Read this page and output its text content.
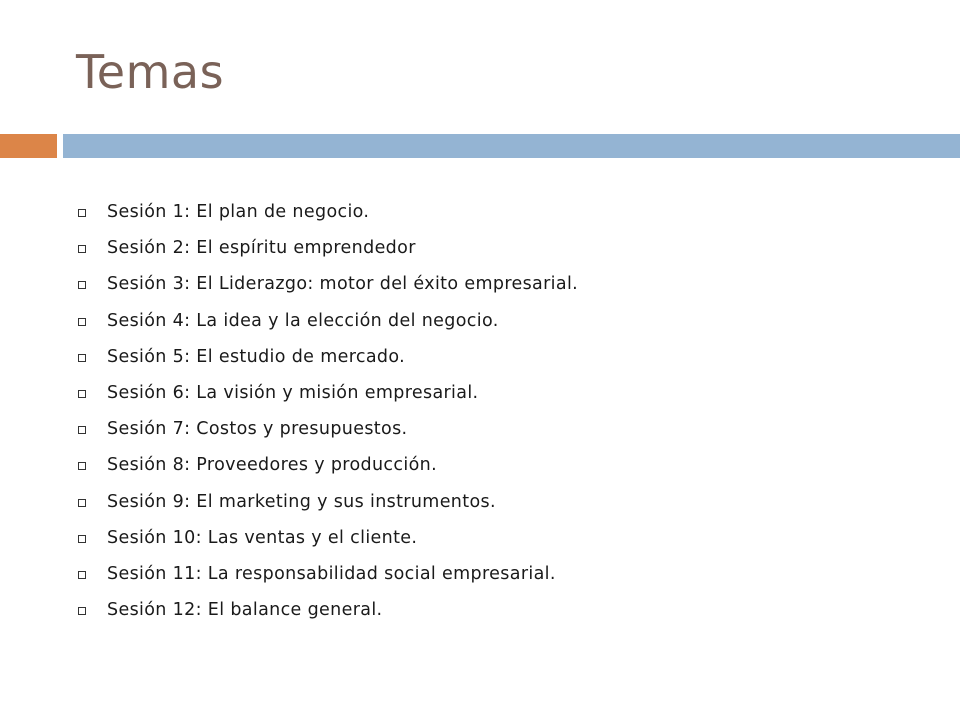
Temas
Sesión 1: El plan de negocio.
Sesión 2: El espíritu emprendedor
Sesión 3: El Liderazgo: motor del éxito empresarial.
Sesión 4: La idea y la elección del negocio.
Sesión 5: El estudio de mercado.
Sesión 6: La visión y misión empresarial.
Sesión 7: Costos y presupuestos.
Sesión 8: Proveedores y producción.
Sesión 9: El marketing y sus instrumentos.
Sesión 10: Las ventas y el cliente.
Sesión 11: La responsabilidad social empresarial.
Sesión 12: El balance general.
